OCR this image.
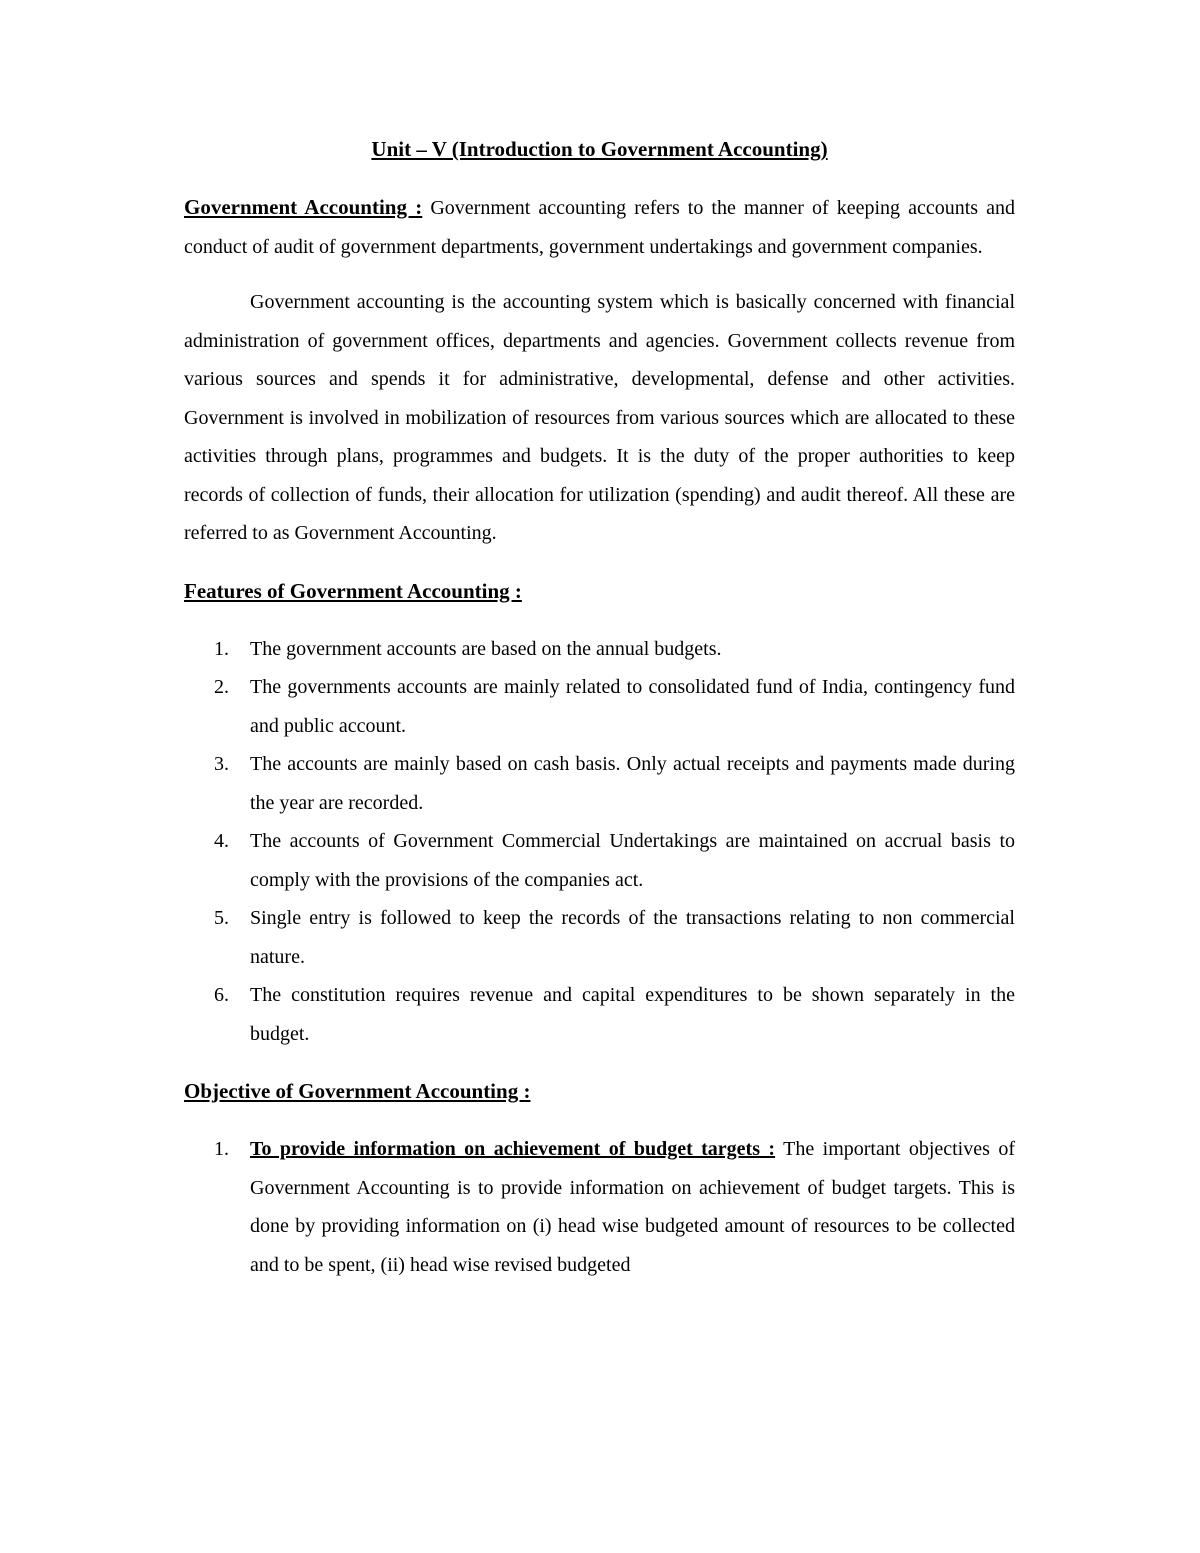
Unit – V (Introduction to Government Accounting)

Government Accounting : Government accounting refers to the manner of keeping accounts and conduct of audit of government departments, government undertakings and government companies.

Government accounting is the accounting system which is basically concerned with financial administration of government offices, departments and agencies. Government collects revenue from various sources and spends it for administrative, developmental, defense and other activities. Government is involved in mobilization of resources from various sources which are allocated to these activities through plans, programmes and budgets. It is the duty of the proper authorities to keep records of collection of funds, their allocation for utilization (spending) and audit thereof. All these are referred to as Government Accounting.

Features of Government Accounting :
1.	The government accounts are based on the annual budgets.
2.	The governments accounts are mainly related to consolidated fund of India, contingency fund and public account.
3.	The accounts are mainly based on cash basis. Only actual receipts and payments made during the year are recorded.
4.	The accounts of Government Commercial Undertakings are maintained on accrual basis to comply with the provisions of the companies act.
5.	Single entry is followed to keep the records of the transactions relating to non commercial nature.
6.	The constitution requires revenue and capital expenditures to be shown separately in the budget.
Objective of Government Accounting :
1.	To provide information on achievement of budget targets : The important objectives of Government Accounting is to provide information on achievement of budget targets. This is done by providing information on (i) head wise budgeted amount of resources to be collected and to be spent, (ii) head wise revised budgeted
